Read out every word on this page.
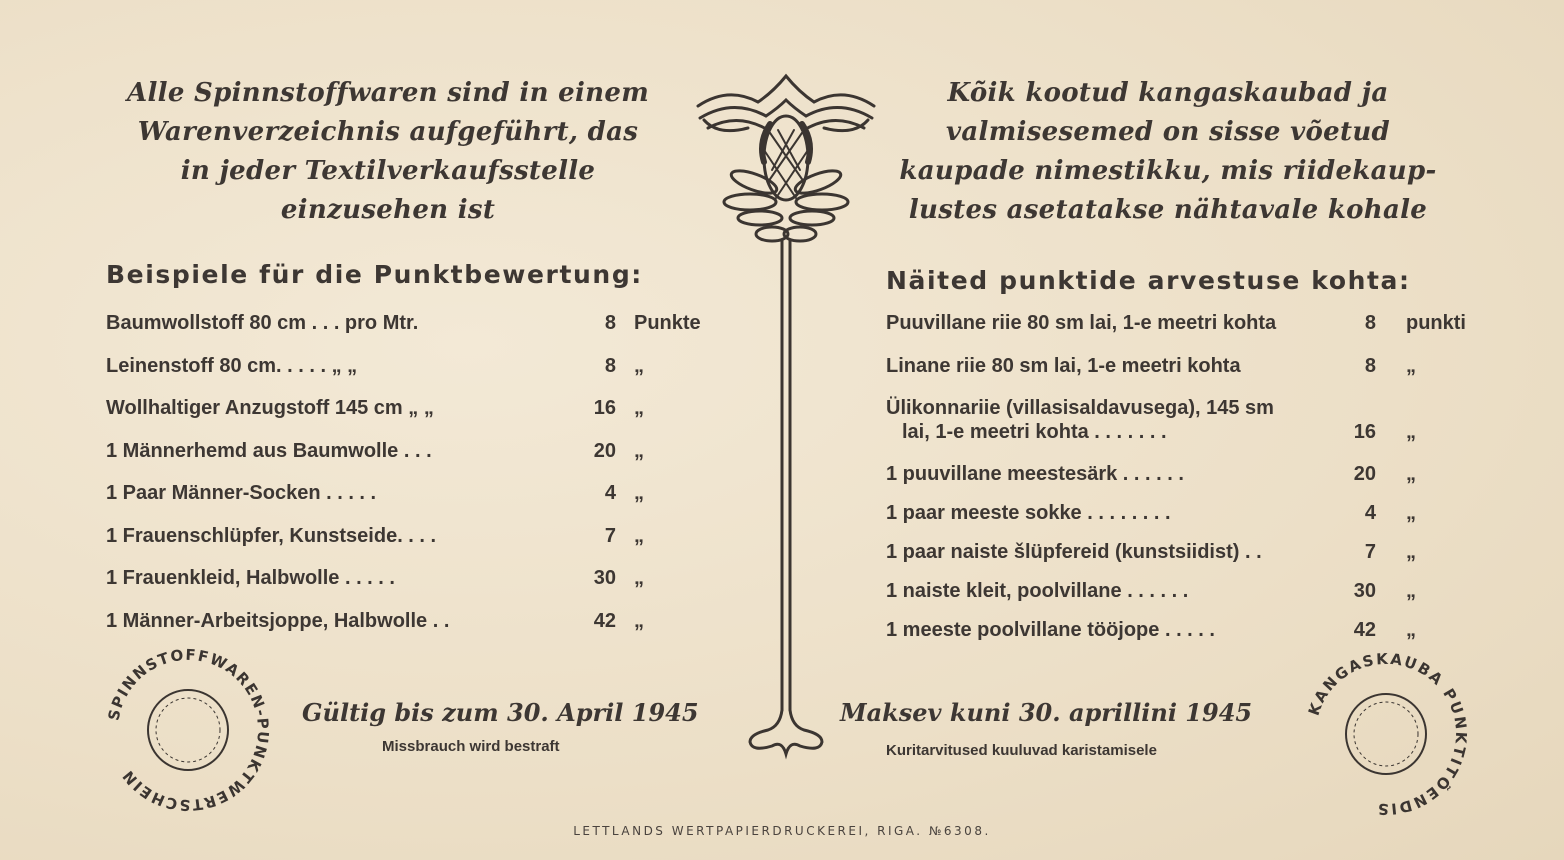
Alle Spinnstoffwaren sind in einem
Warenverzeichnis aufgeführt, das
in jeder Textilverkaufsstelle
einzusehen ist
Kõik kootud kangaskaubad ja
valmisesemed on sisse võetud
kaupade nimestikku, mis riidekaup-
lustes asetatakse nähtavale kohale
Beispiele für die Punktbewertung:	Näited punktide arvestuse kohta:
Baumwollstoff 80 cm . . . pro Mtr.	8 Punkte
Leinenstoff 80 cm. . . . . „ „	8 „
Wollhaltiger Anzugstoff 145 cm „ „	16 „
1 Männerhemd aus Baumwolle . . .	20 „
1 Paar Männer-Socken . . . . .	4 „
1 Frauenschlüpfer, Kunstseide. . . .	7 „
1 Frauenkleid, Halbwolle . . . . .	30 „
1 Männer-Arbeitsjoppe, Halbwolle . .	42 „
Puuvillane riie 80 sm lai, 1-e meetri kohta	8 punkti
Linane riie 80 sm lai, 1-e meetri kohta	8 „
Ülikonnariie (villasisaldavusega), 145 sm
lai, 1-e meetri kohta . . . . . . .	16 „
1 puuvillane meestesärk . . . . . .	20 „
1 paar meeste sokke . . . . . . . .	4 „
1 paar naiste šlüpfereid (kunstsiidist) . .	7 „
1 naiste kleit, poolvillane . . . . . .	30 „
1 meeste poolvillane tööjope . . . . .	42 „
SPINNSTOFFWAREN-PUNKTWERTSCHEIN
KANGASKAUBA PUNKTITÕENDIS
Gültig bis zum 30. April 1945
Missbrauch wird bestraft
Maksev kuni 30. aprillini 1945
Kuritarvitused kuuluvad karistamisele
LETTLANDS WERTPAPIERDRUCKEREI, RIGA. №6308.
